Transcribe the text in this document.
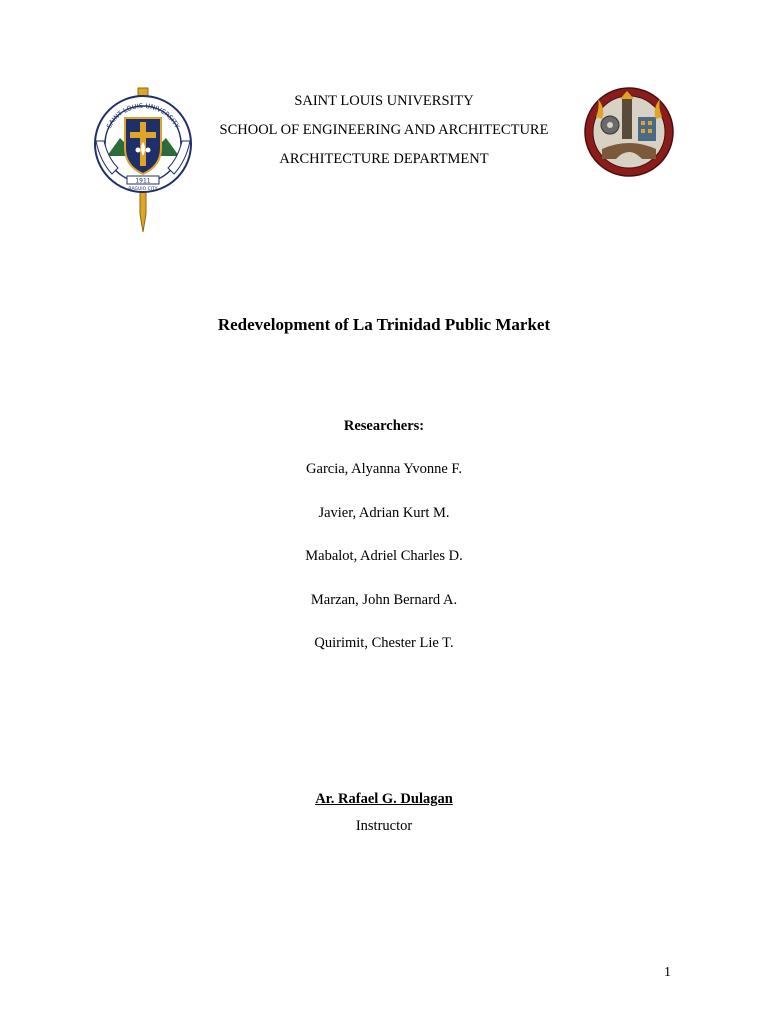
1911
SAINT LOUIS UNIVERSITY
BAGUIO CITY
SAINT LOUIS UNIVERSITY
SCHOOL OF ENGINEERING AND ARCHITECTURE
ARCHITECTURE DEPARTMENT
Redevelopment of La Trinidad Public Market
Researchers:
Garcia, Alyanna Yvonne F.
Javier, Adrian Kurt M.
Mabalot, Adriel Charles D.
Marzan, John Bernard A.
Quirimit, Chester Lie T.
Ar. Rafael G. Dulagan
Instructor
1
